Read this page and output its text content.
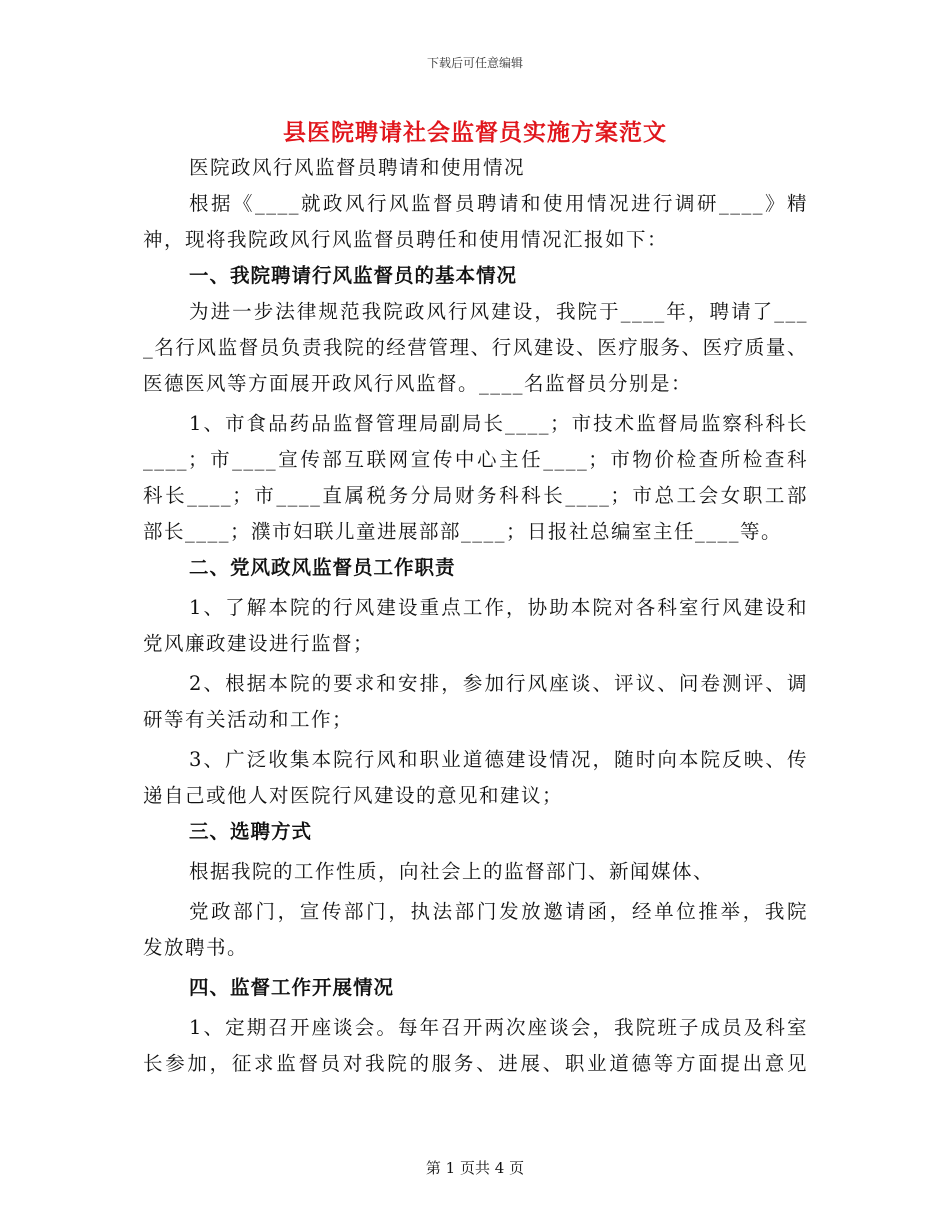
下载后可任意编辑
县医院聘请社会监督员实施方案范文
医院政风行风监督员聘请和使用情况
根据《____就政风行风监督员聘请和使用情况进行调研____》精
神，现将我院政风行风监督员聘任和使用情况汇报如下：
一、我院聘请行风监督员的基本情况
为进一步法律规范我院政风行风建设，我院于____年，聘请了___
_名行风监督员负责我院的经营管理、行风建设、医疗服务、医疗质量、
医德医风等方面展开政风行风监督。____名监督员分别是：
1、市食品药品监督管理局副局长____；市技术监督局监察科科长
____；市____宣传部互联网宣传中心主任____；市物价检查所检查科
科长____；市____直属税务分局财务科科长____；市总工会女职工部
部长____；濮市妇联儿童进展部部____；日报社总编室主任____等。
二、党风政风监督员工作职责
1、了解本院的行风建设重点工作，协助本院对各科室行风建设和
党风廉政建设进行监督；
2、根据本院的要求和安排，参加行风座谈、评议、问卷测评、调
研等有关活动和工作；
3、广泛收集本院行风和职业道德建设情况，随时向本院反映、传
递自己或他人对医院行风建设的意见和建议；
三、选聘方式
根据我院的工作性质，向社会上的监督部门、新闻媒体、
党政部门，宣传部门，执法部门发放邀请函，经单位推举，我院
发放聘书。
四、监督工作开展情况
1、定期召开座谈会。每年召开两次座谈会，我院班子成员及科室
长参加，征求监督员对我院的服务、进展、职业道德等方面提出意见
第 1 页共 4 页
